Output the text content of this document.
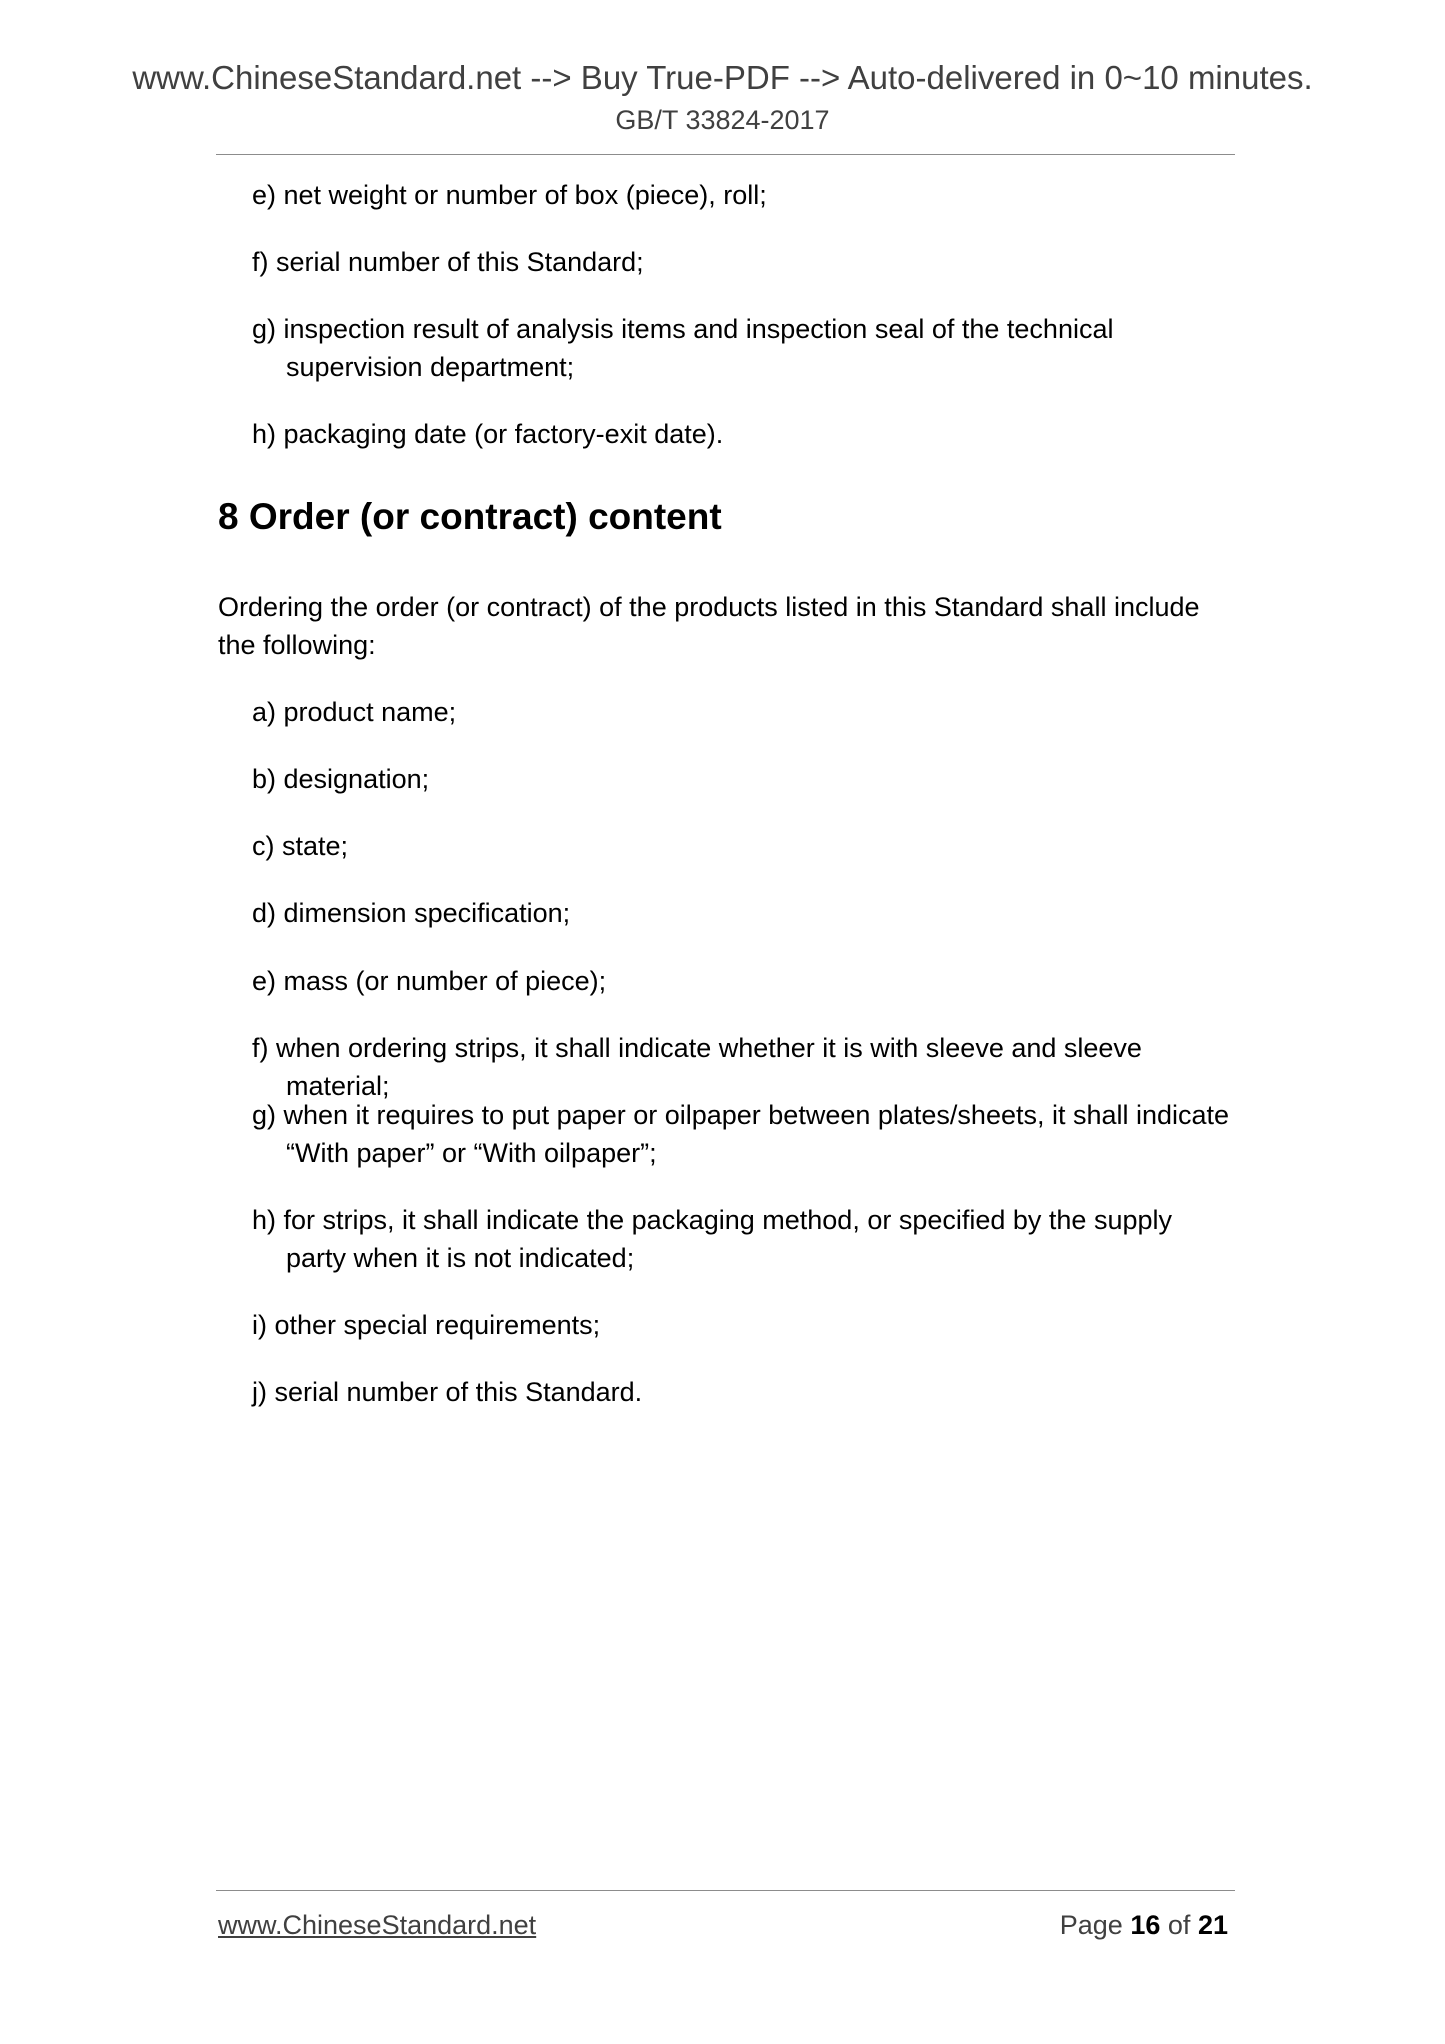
www.ChineseStandard.net --> Buy True-PDF --> Auto-delivered in 0~10 minutes.
GB/T 33824-2017
e) net weight or number of box (piece), roll;
f) serial number of this Standard;
g) inspection result of analysis items and inspection seal of the technical supervision department;
h) packaging date (or factory-exit date).
8 Order (or contract) content
Ordering the order (or contract) of the products listed in this Standard shall include the following:
a) product name;
b) designation;
c) state;
d) dimension specification;
e) mass (or number of piece);
f) when ordering strips, it shall indicate whether it is with sleeve and sleeve material;
g) when it requires to put paper or oilpaper between plates/sheets, it shall indicate “With paper” or “With oilpaper”;
h) for strips, it shall indicate the packaging method, or specified by the supply party when it is not indicated;
i) other special requirements;
j) serial number of this Standard.
www.ChineseStandard.net	Page 16 of 21
